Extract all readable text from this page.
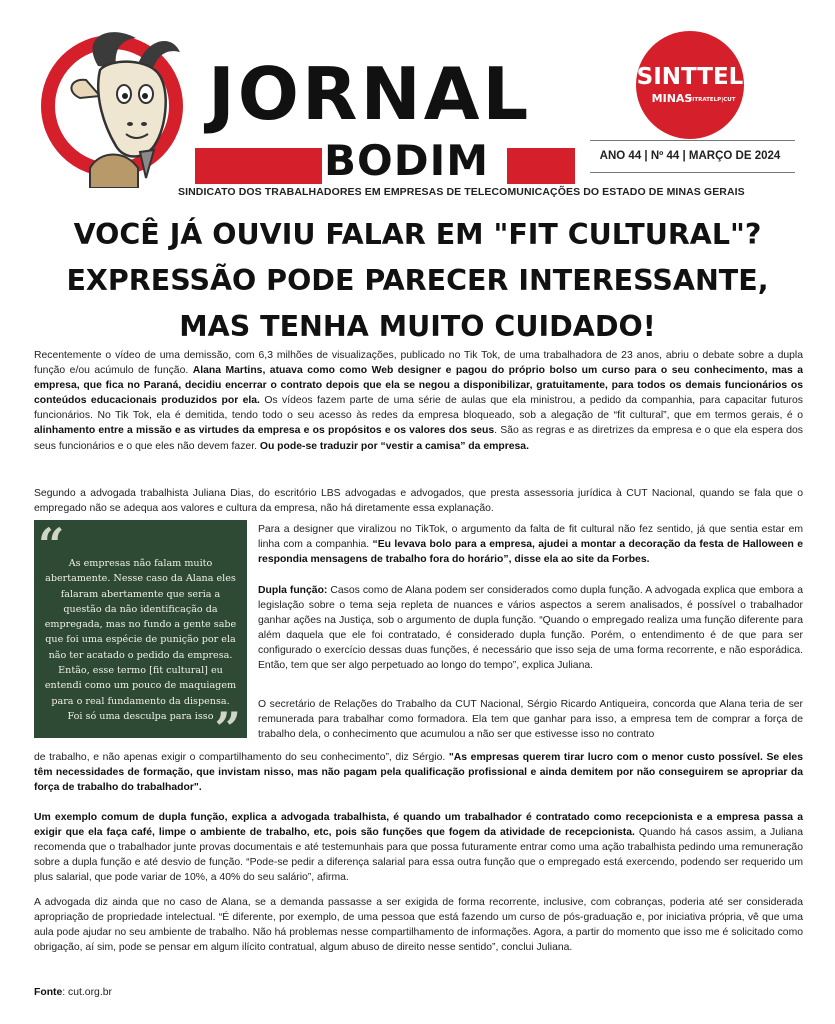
JORNAL
BODIM
SINTTEL
MINAS
FITRATELP|CUT
ANO 44 | Nº 44 | MARÇO DE 2024
SINDICATO DOS TRABALHADORES EM EMPRESAS DE TELECOMUNICAÇÕES DO ESTADO DE MINAS GERAIS
VOCÊ JÁ OUVIU FALAR EM "FIT CULTURAL"?
EXPRESSÃO PODE PARECER INTERESSANTE,
MAS TENHA MUITO CUIDADO!
Recentemente o vídeo de uma demissão, com 6,3 milhões de visualizações, publicado no Tik Tok, de uma trabalhadora de 23 anos, abriu o debate sobre a dupla função e/ou acúmulo de função. Alana Martins, atuava como como Web designer e pagou do próprio bolso um curso para o seu conhecimento, mas a empresa, que fica no Paraná, decidiu encerrar o contrato depois que ela se negou a disponibilizar, gratuitamente, para todos os demais funcionários os conteúdos educacionais produzidos por ela. Os vídeos fazem parte de uma série de aulas que ela ministrou, a pedido da companhia, para capacitar futuros funcionários. No Tik Tok, ela é demitida, tendo todo o seu acesso às redes da empresa bloqueado, sob a alegação de “fit cultural”, que em termos gerais, é o alinhamento entre a missão e as virtudes da empresa e os propósitos e os valores dos seus. São as regras e as diretrizes da empresa e o que ela espera dos seus funcionários e o que eles não devem fazer. Ou pode-se traduzir por “vestir a camisa” da empresa.
Segundo a advogada trabalhista Juliana Dias, do escritório LBS advogadas e advogados, que presta assessoria jurídica à CUT Nacional, quando se fala que o empregado não se adequa aos valores e cultura da empresa, não há diretamente essa explanação.
“ As empresas não falam muito abertamente. Nesse caso da Alana eles falaram abertamente que seria a questão da não identificação da empregada, mas no fundo a gente sabe que foi uma espécie de punição por ela não ter acatado o pedido da empresa. Então, esse termo [fit cultural] eu entendi como um pouco de maquiagem para o real fundamento da dispensa. Foi só uma desculpa para isso ”
Para a designer que viralizou no TikTok, o argumento da falta de fit cultural não fez sentido, já que sentia estar em linha com a companhia. “Eu levava bolo para a empresa, ajudei a montar a decoração da festa de Halloween e respondia mensagens de trabalho fora do horário”, disse ela ao site da Forbes.
Dupla função: Casos como de Alana podem ser considerados como dupla função. A advogada explica que embora a legislação sobre o tema seja repleta de nuances e vários aspectos a serem analisados, é possível o trabalhador ganhar ações na Justiça, sob o argumento de dupla função. “Quando o empregado realiza uma função diferente para além daquela que ele foi contratado, é considerado dupla função. Porém, o entendimento é de que para ser configurado o exercício dessas duas funções, é necessário que isso seja de uma forma recorrente, e não esporádica. Então, tem que ser algo perpetuado ao longo do tempo”, explica Juliana.
O secretário de Relações do Trabalho da CUT Nacional, Sérgio Ricardo Antiqueira, concorda que Alana teria de ser remunerada para trabalhar como formadora. Ela tem que ganhar para isso, a empresa tem de comprar a força de trabalho dela, o conhecimento que acumulou a não ser que estivesse isso no contrato
de trabalho, e não apenas exigir o compartilhamento do seu conhecimento”, diz Sérgio. "As empresas querem tirar lucro com o menor custo possível. Se eles têm necessidades de formação, que invistam nisso, mas não pagam pela qualificação profissional e ainda demitem por não conseguirem se apropriar da força de trabalho do trabalhador".
Um exemplo comum de dupla função, explica a advogada trabalhista, é quando um trabalhador é contratado como recepcionista e a empresa passa a exigir que ela faça café, limpe o ambiente de trabalho, etc, pois são funções que fogem da atividade de recepcionista. Quando há casos assim, a Juliana recomenda que o trabalhador junte provas documentais e até testemunhais para que possa futuramente entrar como uma ação trabalhista pedindo uma remuneração sobre a dupla função e até desvio de função. “Pode-se pedir a diferença salarial para essa outra função que o empregado está exercendo, podendo ser requerido um plus salarial, que pode variar de 10%, a 40% do seu salário”, afirma.
A advogada diz ainda que no caso de Alana, se a demanda passasse a ser exigida de forma recorrente, inclusive, com cobranças, poderia até ser considerada apropriação de propriedade intelectual. “É diferente, por exemplo, de uma pessoa que está fazendo um curso de pós-graduação e, por iniciativa própria, vê que uma aula pode ajudar no seu ambiente de trabalho. Não há problemas nesse compartilhamento de informações. Agora, a partir do momento que isso me é solicitado como obrigação, aí sim, pode se pensar em algum ilícito contratual, algum abuso de direito nesse sentido”, conclui Juliana.
Fonte: cut.org.br
